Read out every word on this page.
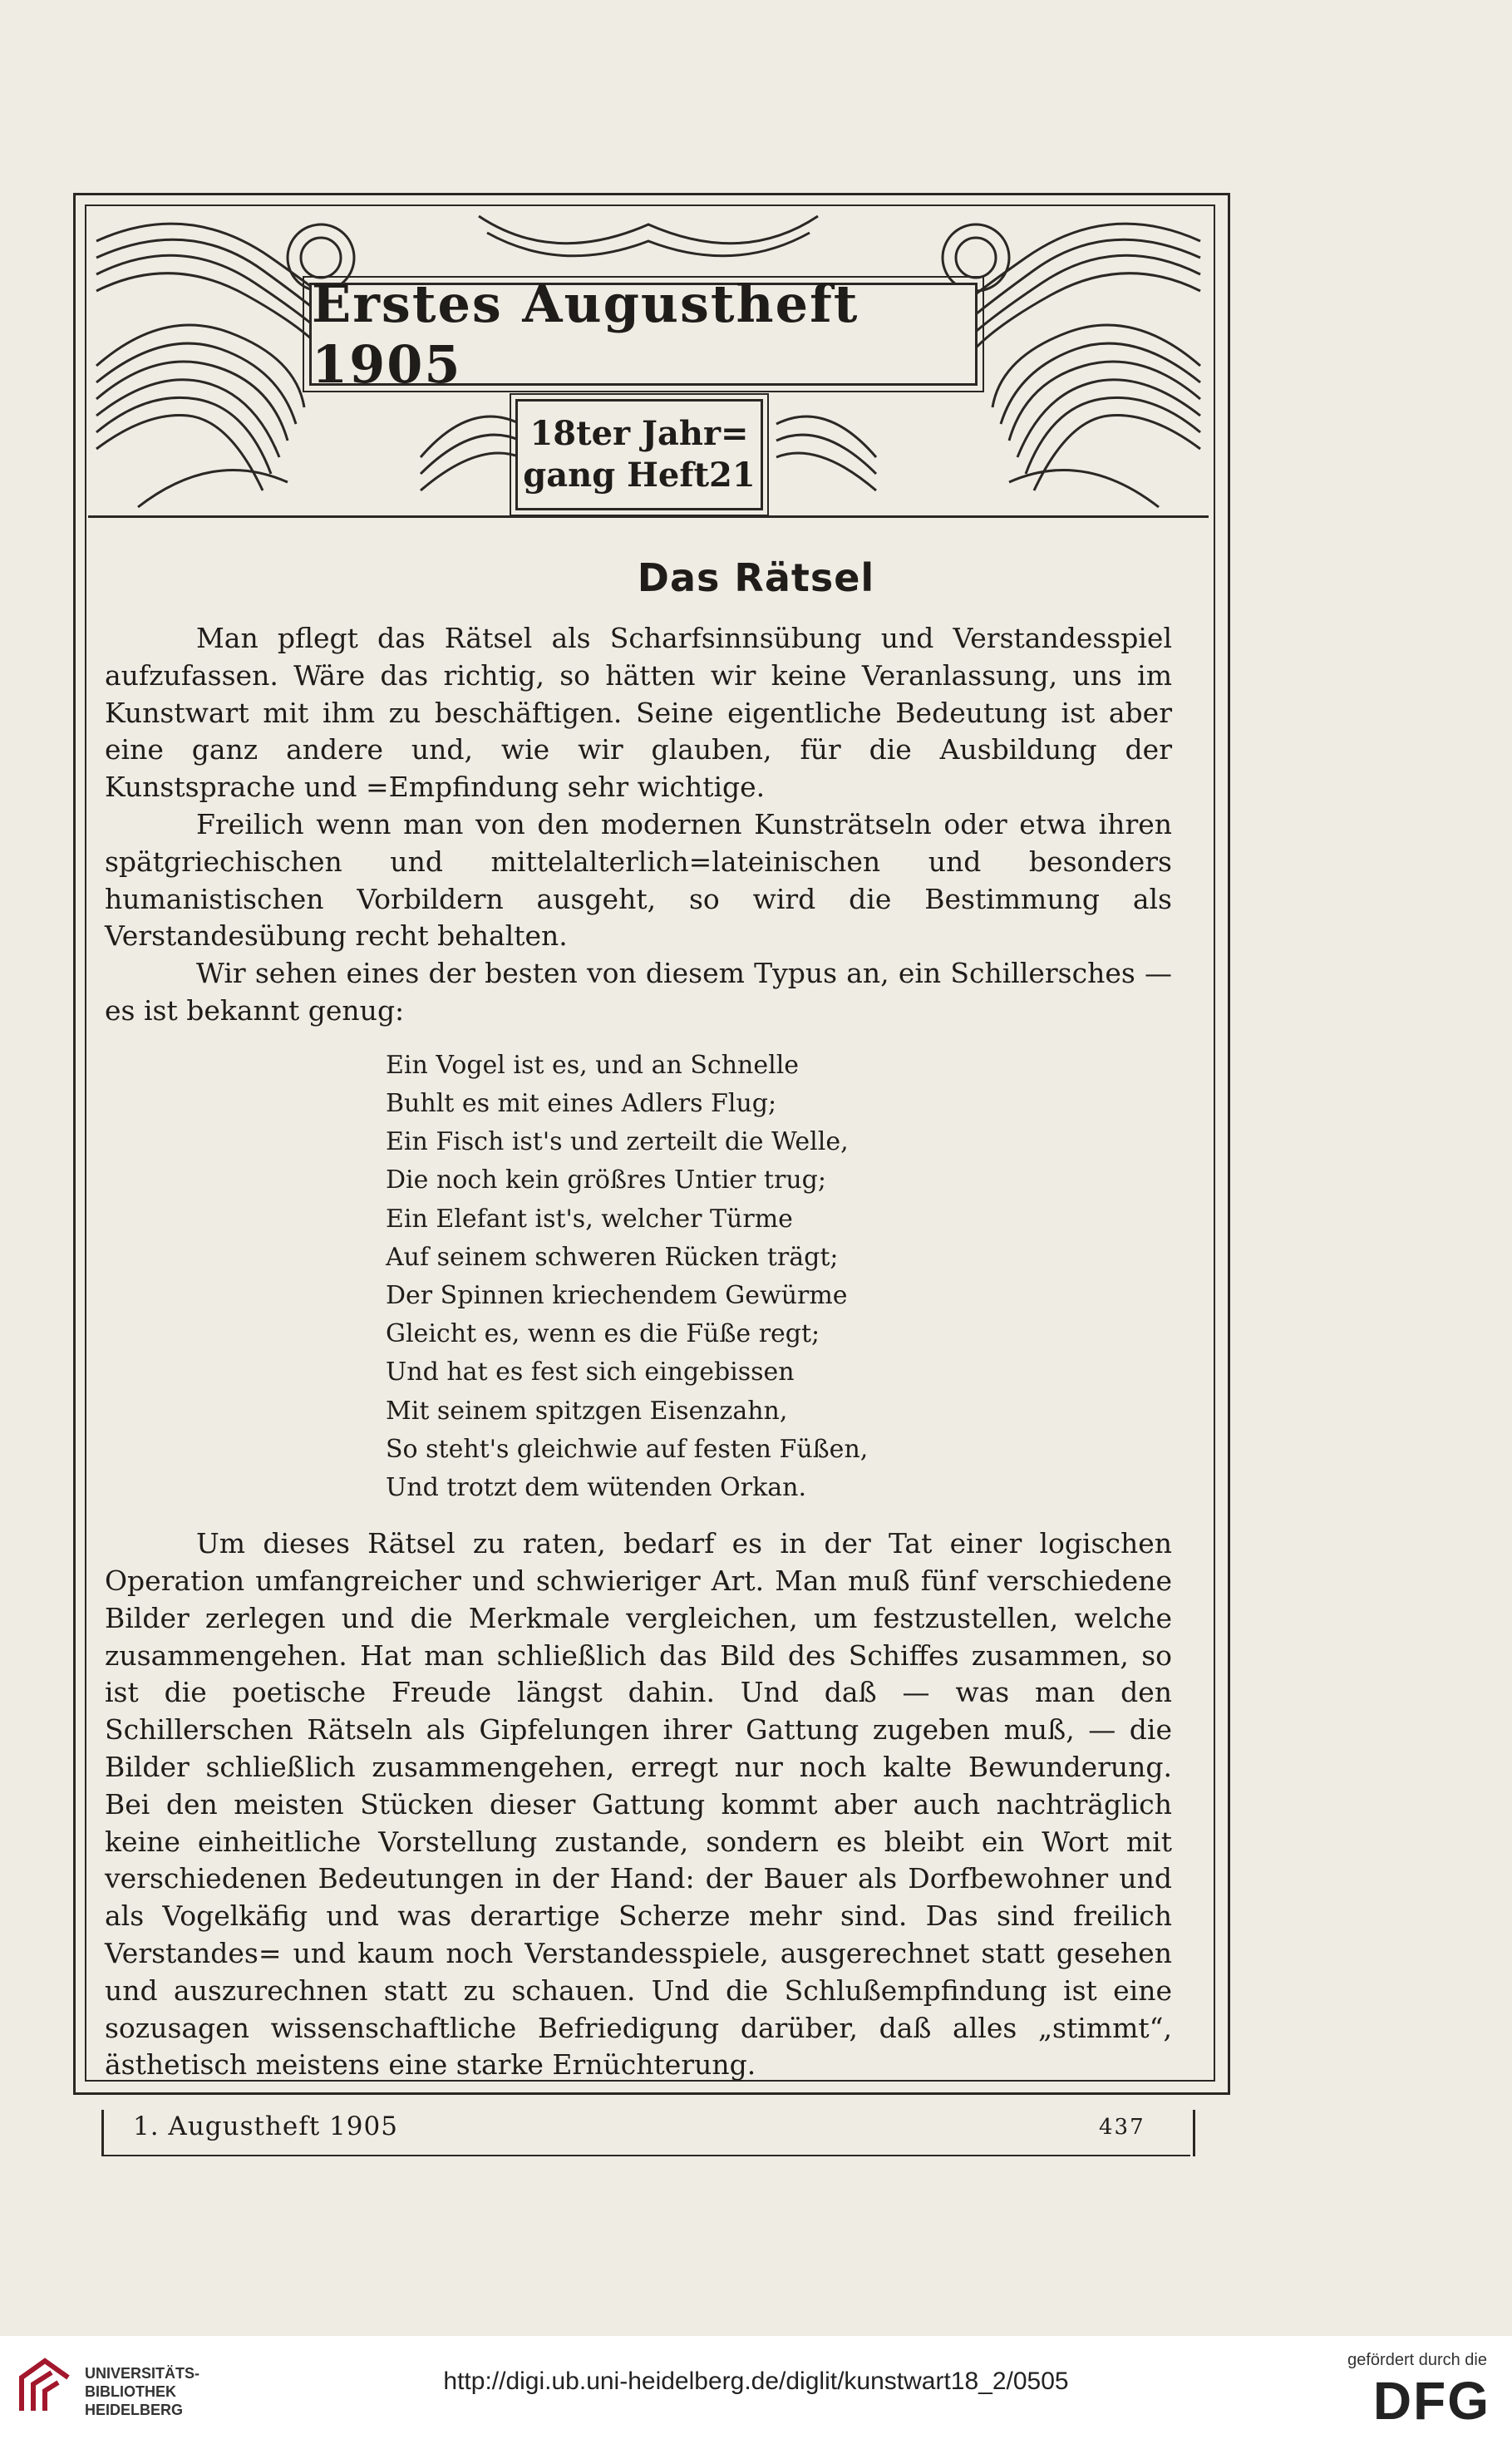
Erstes Augustheft 1905
18ter Jahr=
gang Heft21
Das Rätsel

Man pflegt das Rätsel als Scharfsinnsübung und Verstandesspiel aufzufassen. Wäre das richtig, so hätten wir keine Veranlassung, uns im Kunstwart mit ihm zu beschäftigen. Seine eigentliche Bedeutung ist aber eine ganz andere und, wie wir glauben, für die Ausbildung der Kunstsprache und =Empfindung sehr wichtige.

Freilich wenn man von den modernen Kunsträtseln oder etwa ihren spätgriechischen und mittelalterlich=lateinischen und besonders humanistischen Vorbildern ausgeht, so wird die Bestimmung als Verstandesübung recht behalten.

Wir sehen eines der besten von diesem Typus an, ein Schillersches — es ist bekannt genug:

Ein Vogel ist es, und an Schnelle
Buhlt es mit eines Adlers Flug;
Ein Fisch ist's und zerteilt die Welle,
Die noch kein größres Untier trug;
Ein Elefant ist's, welcher Türme
Auf seinem schweren Rücken trägt;
Der Spinnen kriechendem Gewürme
Gleicht es, wenn es die Füße regt;
Und hat es fest sich eingebissen
Mit seinem spitzgen Eisenzahn,
So steht's gleichwie auf festen Füßen,
Und trotzt dem wütenden Orkan.

Um dieses Rätsel zu raten, bedarf es in der Tat einer logischen Operation umfangreicher und schwieriger Art. Man muß fünf verschiedene Bilder zerlegen und die Merkmale vergleichen, um festzustellen, welche zusammengehen. Hat man schließlich das Bild des Schiffes zusammen, so ist die poetische Freude längst dahin. Und daß — was man den Schillerschen Rätseln als Gipfelungen ihrer Gattung zugeben muß, — die Bilder schließlich zusammengehen, erregt nur noch kalte Bewunderung. Bei den meisten Stücken dieser Gattung kommt aber auch nachträglich keine einheitliche Vorstellung zustande, sondern es bleibt ein Wort mit verschiedenen Bedeutungen in der Hand: der Bauer als Dorfbewohner und als Vogelkäfig und was derartige Scherze mehr sind. Das sind freilich Verstandes= und kaum noch Verstandesspiele, ausgerechnet statt gesehen und auszurechnen statt zu schauen. Und die Schlußempfindung ist eine sozusagen wissenschaftliche Befriedigung darüber, daß alles „stimmt“, ästhetisch meistens eine starke Ernüchterung.

1. Augustheft 1905	437
UNIVERSITÄTS-
BIBLIOTHEK
HEIDELBERG
http://digi.ub.uni-heidelberg.de/diglit/kunstwart18_2/0505
gefördert durch die
DFG
